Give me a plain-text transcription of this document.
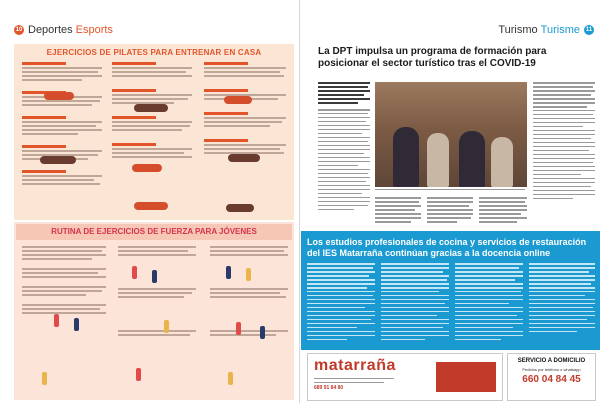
10 Deportes Esports
EJERCICIOS DE PILATES PARA ENTRENAR EN CASA
RUTINA DE EJERCICIOS DE FUERZA PARA JÓVENES
Turismo Turisme 11
La DPT impulsa un programa de formación para posicionar el sector turístico tras el COVID-19
Los estudios profesionales de cocina y servicios de restauración del IES Matarraña continúan gracias a la docencia online
matarraña
689 91 84 80
SERVICIO A DOMICILIO
Pedidos por teléfono o whatsapp
660 04 84 45
